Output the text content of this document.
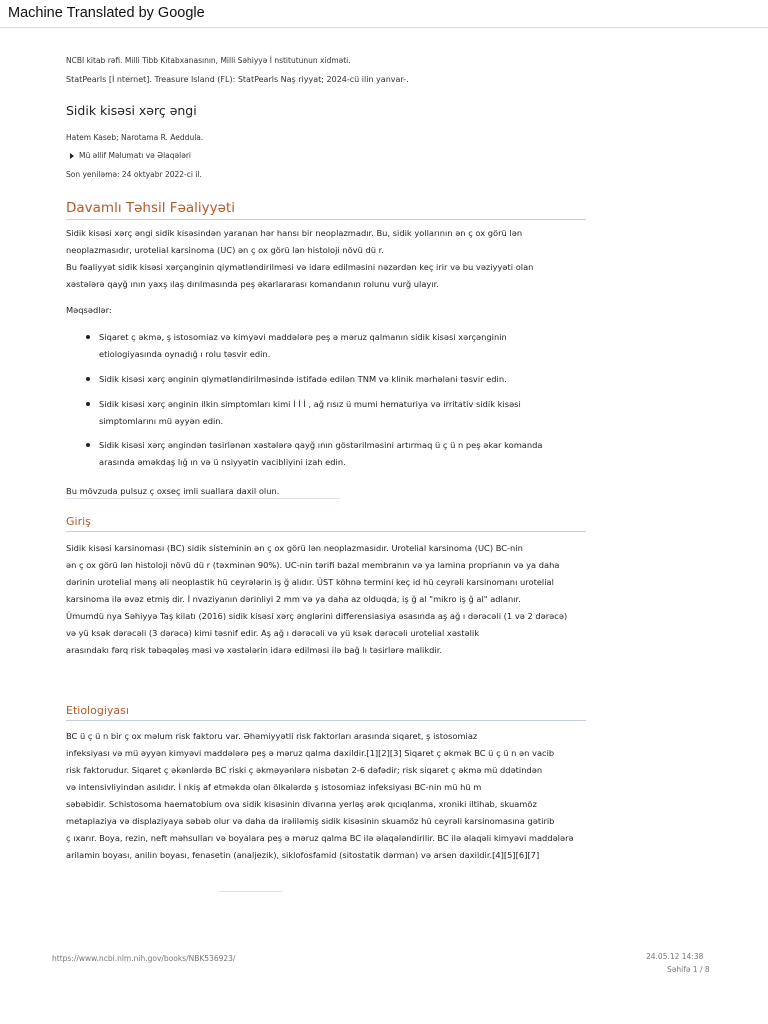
Machine Translated by Google
NCBI kitab rəfi. Milli Tibb Kitabxanasının, Milli Səhiyyə İ nstitutunun xidməti.
StatPearls [İ nternet]. Treasure Island (FL): StatPearls Naş riyyat; 2024-cü ilin yanvar-.
Sidik kisəsi xərç əngi
Hatem Kaseb; Narotama R. Aeddula.
Mü əllif Məlumatı və Əlaqələri
Son yeniləmə: 24 oktyabr 2022-ci il.
Davamlı Təhsil Fəaliyyəti
Sidik kisəsi xərç əngi sidik kisəsindən yaranan hər hansı bir neoplazmadır. Bu, sidik yollarının ən ç ox görü lən
neoplazmasıdır, urotelial karsinoma (UC) ən ç ox görü lən histoloji növü dü r.
Bu fəaliyyət sidik kisəsi xərçənginin qiymətləndirilməsi və idarə edilməsini nəzərdən keç irir və bu vəziyyəti olan
xəstələrə qayğ ının yaxş ılaş dırılmasında peş əkarlararası komandanın rolunu vurğ ulayır.
Məqsədlər:
Siqaret ç əkmə, ş istosomiaz və kimyəvi maddələrə peş ə məruz qalmanın sidik kisəsi xərçənginin
etiologiyasında oynadığ ı rolu təsvir edin.
Sidik kisəsi xərç ənginin qiymətləndirilməsində istifadə edilən TNM və klinik mərhələni təsvir edin.
Sidik kisəsi xərç ənginin ilkin simptomları kimi İ İ İ , ağ rısız ü mumi hematuriya və irritativ sidik kisəsi
simptomlarını mü əyyən edin.
Sidik kisəsi xərç əngindən təsirlənən xəstələrə qayğ ının göstərilməsini artırmaq ü ç ü n peş əkar komanda
arasında əməkdaş lığ ın və ü nsiyyətin vacibliyini izah edin.
Bu mövzuda pulsuz ç oxseç imli suallara daxil olun.
Giriş
Sidik kisəsi karsinoması (BC) sidik sisteminin ən ç ox görü lən neoplazmasıdır. Urotelial karsinoma (UC) BC-nin
ən ç ox görü lən histoloji növü dü r (təxminən 90%). UC-nin tərifi bazal membranın və ya lamina proprianın və ya daha
dərinin urotelial mənş əli neoplastik hü ceyrələrin iş ğ alıdır. ÜST köhnə termini keç id hü ceyrəli karsinomanı urotelial
karsinoma ilə əvəz etmiş dir. İ nvaziyanın dərinliyi 2 mm və ya daha az olduqda, iş ğ al "mikro iş ğ al" adlanır.
Ümumdü nya Səhiyyə Taş kilatı (2016) sidik kisəsi xərç ənglərini differensiasiya əsasında aş ağ ı dərəcəli (1 və 2 dərəcə)
və yü ksək dərəcəli (3 dərəcə) kimi təsnif edir. Aş ağ ı dərəcəli və yü ksək dərəcəli urotelial xəstəlik
arasındakı fərq risk təbəqələş məsi və xəstələrin idarə edilməsi ilə bağ lı təsirlərə malikdir.
Etiologiyası
BC ü ç ü n bir ç ox məlum risk faktoru var. Əhəmiyyətli risk faktorları arasında siqaret, ş istosomiaz
infeksiyası və mü əyyən kimyəvi maddələrə peş ə məruz qalma daxildir.[1][2][3] Siqaret ç əkmək BC ü ç ü n ən vacib
risk faktorudur. Siqaret ç əkənlərdə BC riski ç əkməyənlərə nisbətən 2-6 dəfədir; risk siqaret ç əkmə mü ddətindən
və intensivliyindən asılıdır. İ nkiş af etməkdə olan ölkələrdə ş istosomiaz infeksiyası BC-nin mü hü m
səbəbidir. Schistosoma haematobium ova sidik kisəsinin divarına yerləş ərək qıcıqlanma, xroniki iltihab, skuamöz
metaplaziya və displaziyaya səbəb olur və daha da irəliləmiş sidik kisəsinin skuamöz hü ceyrəli karsinomasına gətirib
ç ıxarır. Boya, rezin, neft məhsulları və boyalara peş ə məruz qalma BC ilə əlaqələndirilir. BC ilə əlaqəli kimyəvi maddələrə
arilamin boyası, anilin boyası, fenasetin (analjezik), siklofosfamid (sitostatik dərman) və arsen daxildir.[4][5][6][7]
https://www.ncbi.nlm.nih.gov/books/NBK536923/	24.05.12 14:38
Səhifə 1 / 8
